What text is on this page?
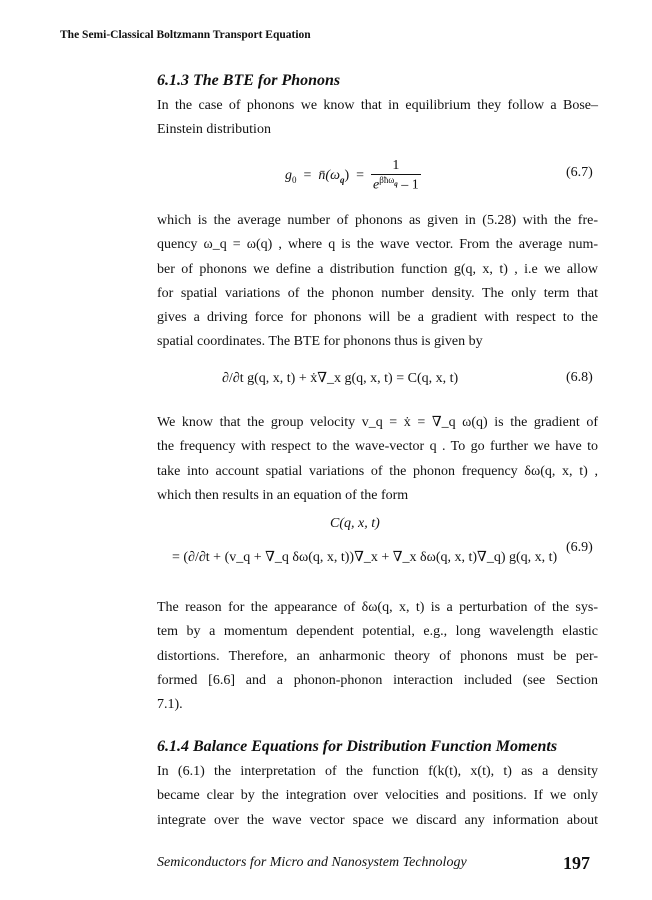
The Semi-Classical Boltzmann Transport Equation
6.1.3 The BTE for Phonons
In the case of phonons we know that in equilibrium they follow a Bose–
Einstein distribution
$g_0$ = $n̄(\omega_q) = \frac{1}{e^{\beta ħ\omega_q} - 1}$	(6.7)
which is the average number of phonons as given in (5.28) with the fre-
quency ω_q = ω(q) , where q is the wave vector. From the average num-
ber of phonons we define a distribution function g(q, x, t) , i.e we allow
for spatial variations of the phonon number density. The only term that
gives a driving force for phonons will be a gradient with respect to the
spatial coordinates. The BTE for phonons thus is given by
∂/∂t g(q, x, t) + ẋ∇_x g(q, x, t) = C(q, x, t)	(6.8)
We know that the group velocity v_q = ẋ = ∇_q ω(q) is the gradient of
the frequency with respect to the wave-vector q . To go further we have to
take into account spatial variations of the phonon frequency δω(q, x, t) ,
which then results in an equation of the form
C(q, x, t)
= (∂/∂t + (v_q + ∇_q δω(q, x, t))∇_x + ∇_x δω(q, x, t)∇_q) g(q, x, t)
(6.9)
The reason for the appearance of δω(q, x, t) is a perturbation of the sys-
tem by a momentum dependent potential, e.g., long wavelength elastic
distortions. Therefore, an anharmonic theory of phonons must be per-
formed [6.6] and a phonon-phonon interaction included (see Section
7.1).
6.1.4 Balance Equations for Distribution Function Moments
In (6.1) the interpretation of the function f(k(t), x(t), t) as a density
became clear by the integration over velocities and positions. If we only
integrate over the wave vector space we discard any information about
Semiconductors for Micro and Nanosystem Technology	197
